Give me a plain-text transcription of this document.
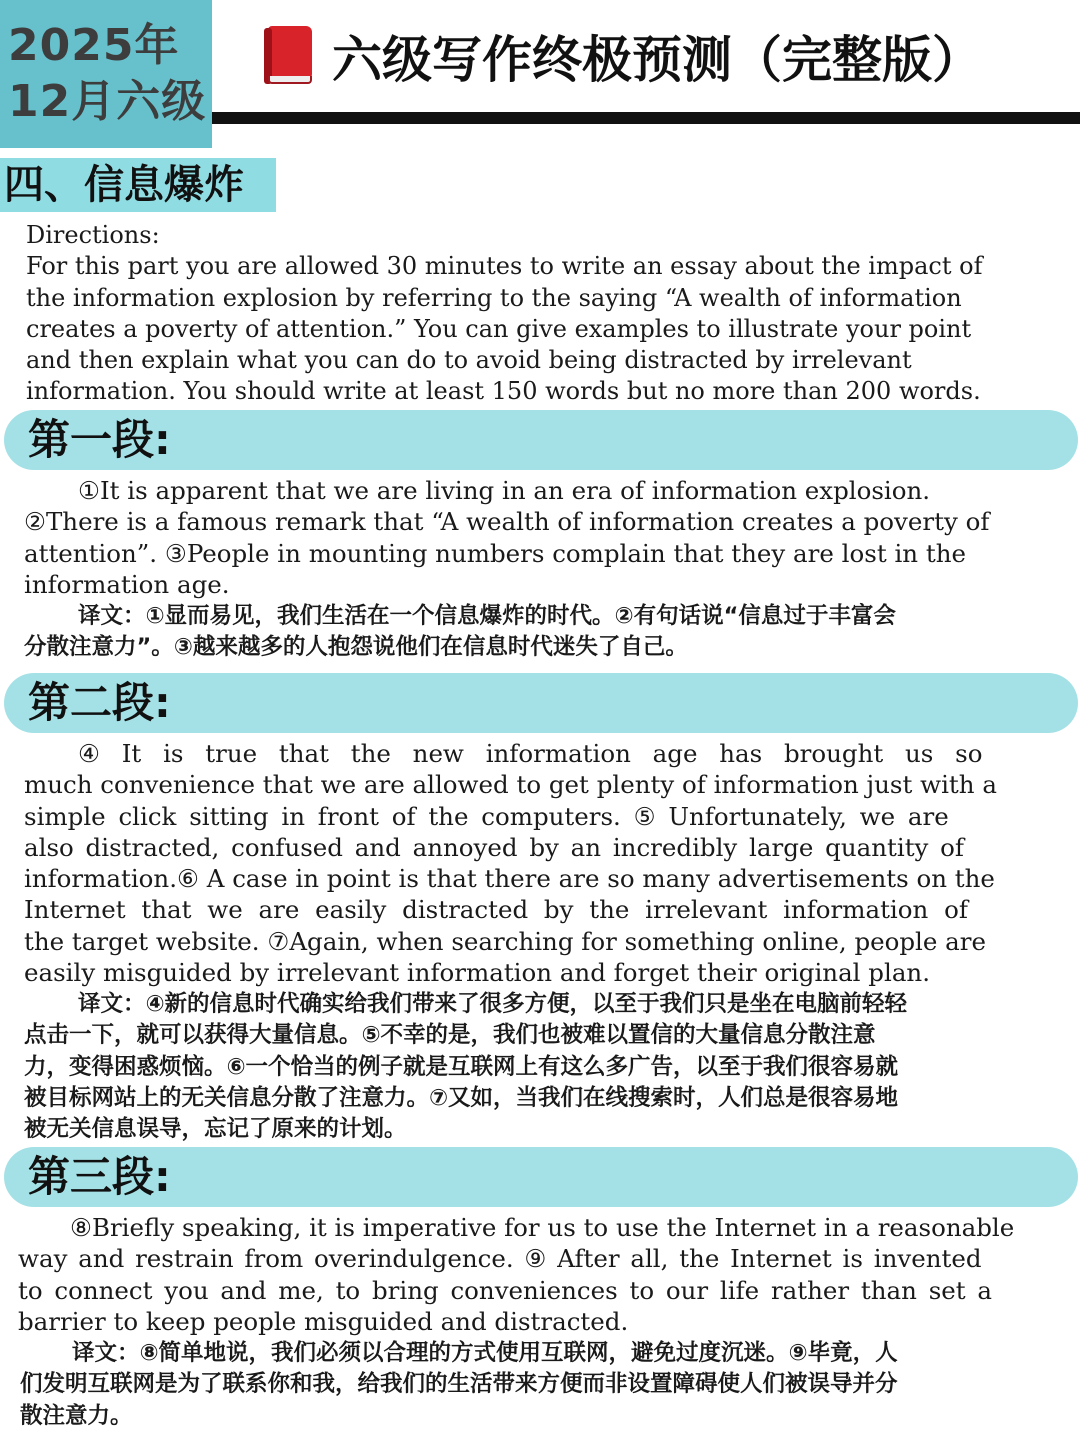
2025年
12月六级
六级写作终极预测（完整版）
四、信息爆炸
Directions:
For this part you are allowed 30 minutes to write an essay about the impact of
the information explosion by referring to the saying “A wealth of information
creates a poverty of attention.” You can give examples to illustrate your point
and then explain what you can do to avoid being distracted by irrelevant
information. You should write at least 150 words but no more than 200 words.
第一段:
①It is apparent that we are living in an era of information explosion.
②There is a famous remark that “A wealth of information creates a poverty of
attention”. ③People in mounting numbers complain that they are lost in the
information age.
译文：①显而易见，我们生活在一个信息爆炸的时代。②有句话说“信息过于丰富会
分散注意力”。③越来越多的人抱怨说他们在信息时代迷失了自己。
第二段:
④ It is true that the new information age has brought us so
much convenience that we are allowed to get plenty of information just with a
simple click sitting in front of the computers. ⑤ Unfortunately, we are
also distracted, confused and annoyed by an incredibly large quantity of
information.⑥ A case in point is that there are so many advertisements on the
Internet that we are easily distracted by the irrelevant information of
the target website. ⑦Again, when searching for something online, people are
easily misguided by irrelevant information and forget their original plan.
译文：④新的信息时代确实给我们带来了很多方便，以至于我们只是坐在电脑前轻轻
点击一下，就可以获得大量信息。⑤不幸的是，我们也被难以置信的大量信息分散注意
力，变得困惑烦恼。⑥一个恰当的例子就是互联网上有这么多广告，以至于我们很容易就
被目标网站上的无关信息分散了注意力。⑦又如，当我们在线搜索时，人们总是很容易地
被无关信息误导，忘记了原来的计划。
第三段:
⑧Briefly speaking, it is imperative for us to use the Internet in a reasonable
way and restrain from overindulgence. ⑨ After all, the Internet is invented
to connect you and me, to bring conveniences to our life rather than set a
barrier to keep people misguided and distracted.
译文：⑧简单地说，我们必须以合理的方式使用互联网，避免过度沉迷。⑨毕竟，人
们发明互联网是为了联系你和我，给我们的生活带来方便而非设置障碍使人们被误导并分
散注意力。
